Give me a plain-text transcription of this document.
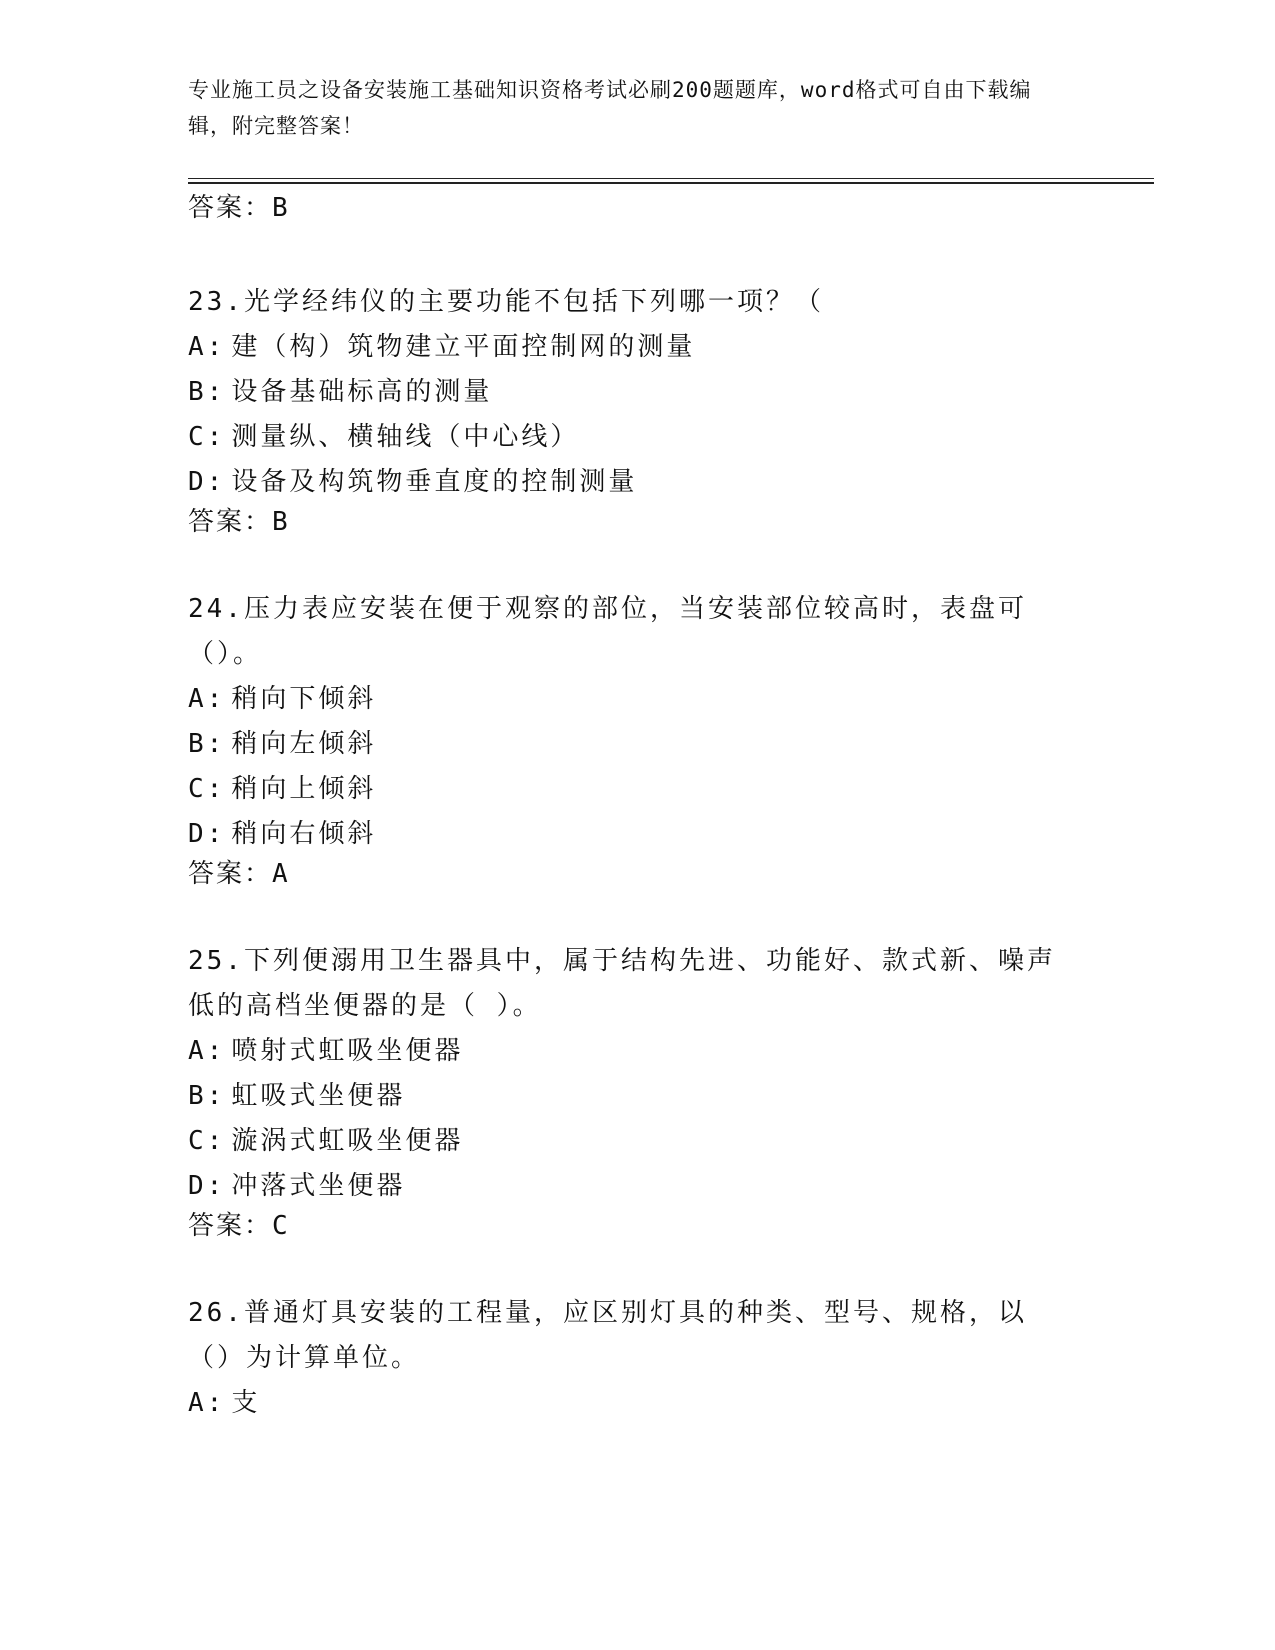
专业施工员之设备安装施工基础知识资格考试必刷200题题库，word格式可自由下载编辑，附完整答案！

答案：B

23.光学经纬仪的主要功能不包括下列哪一项？（

A: 建（构）筑物建立平面控制网的测量

B: 设备基础标高的测量

C: 测量纵、横轴线（中心线）

D: 设备及构筑物垂直度的控制测量

答案：B

24.压力表应安装在便于观察的部位，当安装部位较高时，表盘可（）。

A: 稍向下倾斜

B: 稍向左倾斜

C: 稍向上倾斜

D: 稍向右倾斜

答案：A

25.下列便溺用卫生器具中，属于结构先进、功能好、款式新、噪声低的高档坐便器的是（ ）。

A: 喷射式虹吸坐便器

B: 虹吸式坐便器

C: 漩涡式虹吸坐便器

D: 冲落式坐便器

答案：C

26.普通灯具安装的工程量，应区别灯具的种类、型号、规格，以（）为计算单位。

A: 支
